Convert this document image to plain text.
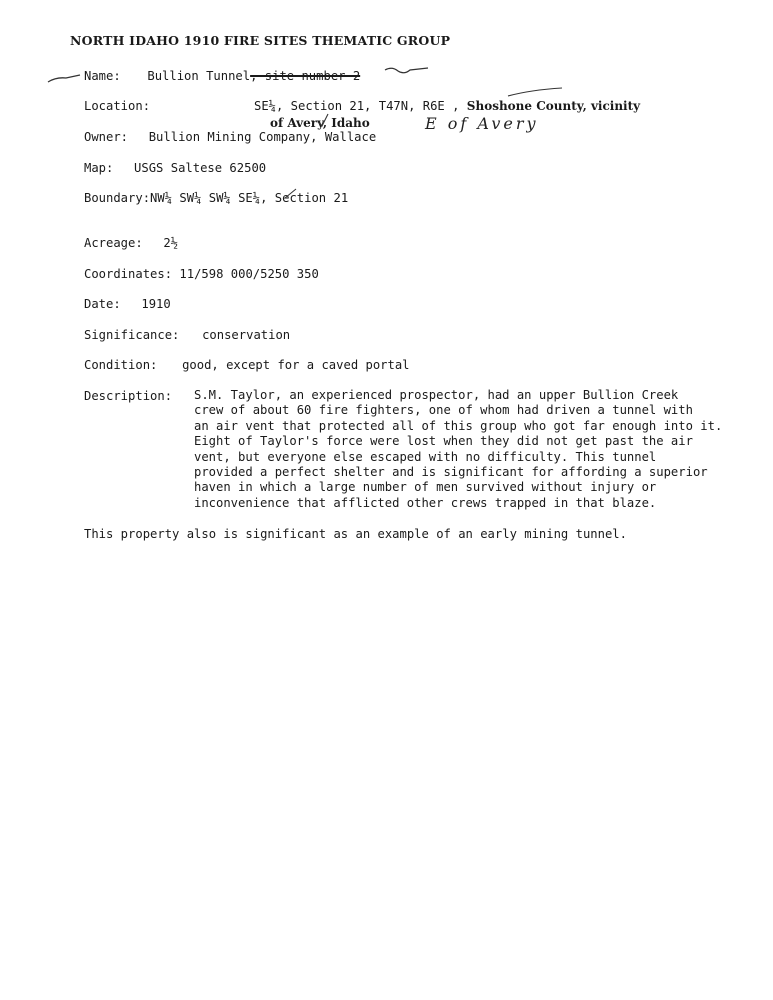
NORTH IDAHO 1910 FIRE SITES THEMATIC GROUP
Name: Bullion Tunnel, site number 2
Location:	SE¼, Section 21, T47N, R6E , Shoshone County, vicinity
of Avery, Idaho	E of Avery
Owner: Bullion Mining Company, Wallace
Map: USGS Saltese 62500
Boundary:NW¼ SW¼ SW¼ SE¼, Section 21
Acreage: 2½
Coordinates: 11/598 000/5250 350
Date: 1910
Significance: conservation
Condition: good, except for a caved portal
Description: S.M. Taylor, an experienced prospector, had an upper Bullion Creek
crew of about 60 fire fighters, one of whom had driven a tunnel with
an air vent that protected all of this group who got far enough into it.
Eight of Taylor's force were lost when they did not get past the air
vent, but everyone else escaped with no difficulty. This tunnel
provided a perfect shelter and is significant for affording a superior
haven in which a large number of men survived without injury or
inconvenience that afflicted other crews trapped in that blaze.
This property also is significant as an example of an early mining tunnel.
